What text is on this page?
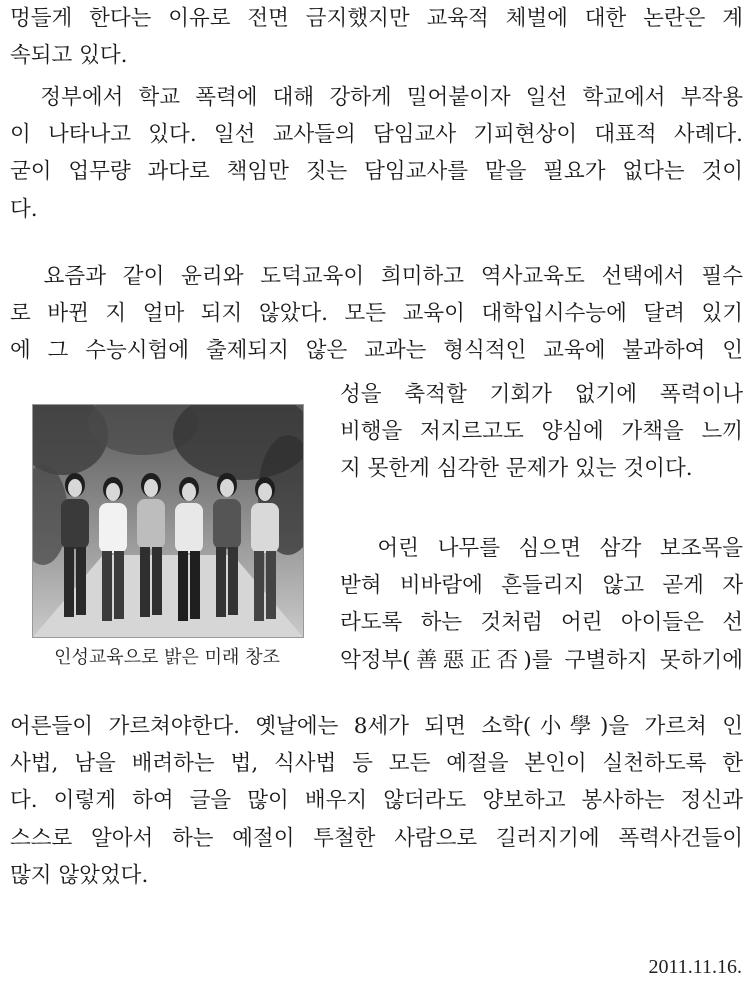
멍들게 한다는 이유로 전면 금지했지만 교육적 체벌에 대한 논란은 계
속되고 있다.

정부에서 학교 폭력에 대해 강하게 밀어붙이자 일선 학교에서 부작용
이 나타나고 있다. 일선 교사들의 담임교사 기피현상이 대표적 사례다.
굳이 업무량 과다로 책임만 짓는 담임교사를 맡을 필요가 없다는 것이
다.

요즘과 같이 윤리와 도덕교육이 희미하고 역사교육도 선택에서 필수
로 바뀐 지 얼마 되지 않았다. 모든 교육이 대학입시수능에 달려 있기
에 그 수능시험에 출제되지 않은 교과는 형식적인 교육에 불과하여 인

성을 축적할 기회가 없기에 폭력이나
비행을 저지르고도 양심에 가책을 느끼
지 못한게 심각한 문제가 있는 것이다.

어린 나무를 심으면 삼각 보조목을
받혀 비바람에 흔들리지 않고 곧게 자
라도록 하는 것처럼 어린 아이들은 선
악정부(善惡正否)를 구별하지 못하기에

어른들이 가르쳐야한다. 옛날에는 8세가 되면 소학(小學)을 가르쳐 인
사법, 남을 배려하는 법, 식사법 등 모든 예절을 본인이 실천하도록 한
다. 이렇게 하여 글을 많이 배우지 않더라도 양보하고 봉사하는 정신과
스스로 알아서 하는 예절이 투철한 사람으로 길러지기에 폭력사건들이
많지 않았었다.

인성교육으로 밝은 미래 창조
2011.11.16.
